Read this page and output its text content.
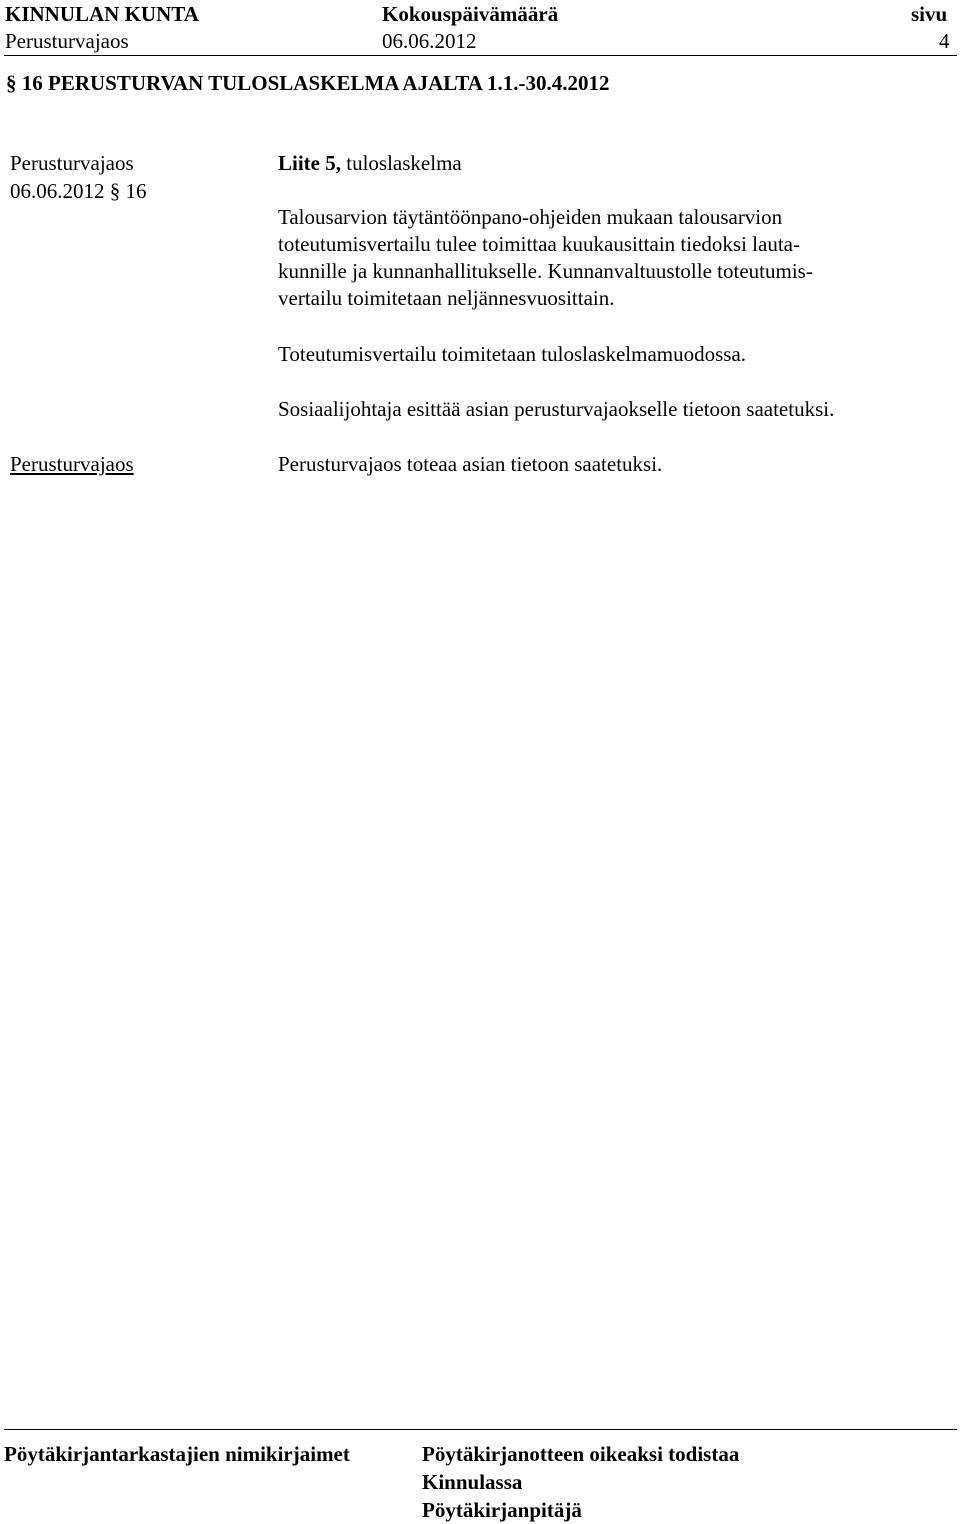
KINNULAN KUNTA
Perusturvajaos
Kokouspäivämäärä
06.06.2012
sivu
4
§ 16 PERUSTURVAN TULOSLASKELMA AJALTA 1.1.-30.4.2012
Perusturvajaos
06.06.2012 § 16
Liite 5, tuloslaskelma
Talousarvion täytäntöönpano-ohjeiden mukaan talousarvion
toteutumisvertailu tulee toimittaa kuukausittain tiedoksi lauta-
kunnille ja kunnanhallitukselle. Kunnanvaltuustolle toteutumis-
vertailu toimitetaan neljännesvuosittain.
Toteutumisvertailu toimitetaan tuloslaskelmamuodossa.
Sosiaalijohtaja esittää asian perusturvajaokselle tietoon saatetuksi.
Perusturvajaos	Perusturvajaos toteaa asian tietoon saatetuksi.
Pöytäkirjantarkastajien nimikirjaimet	Pöytäkirjanotteen oikeaksi todistaa
Kinnulassa
Pöytäkirjanpitäjä
